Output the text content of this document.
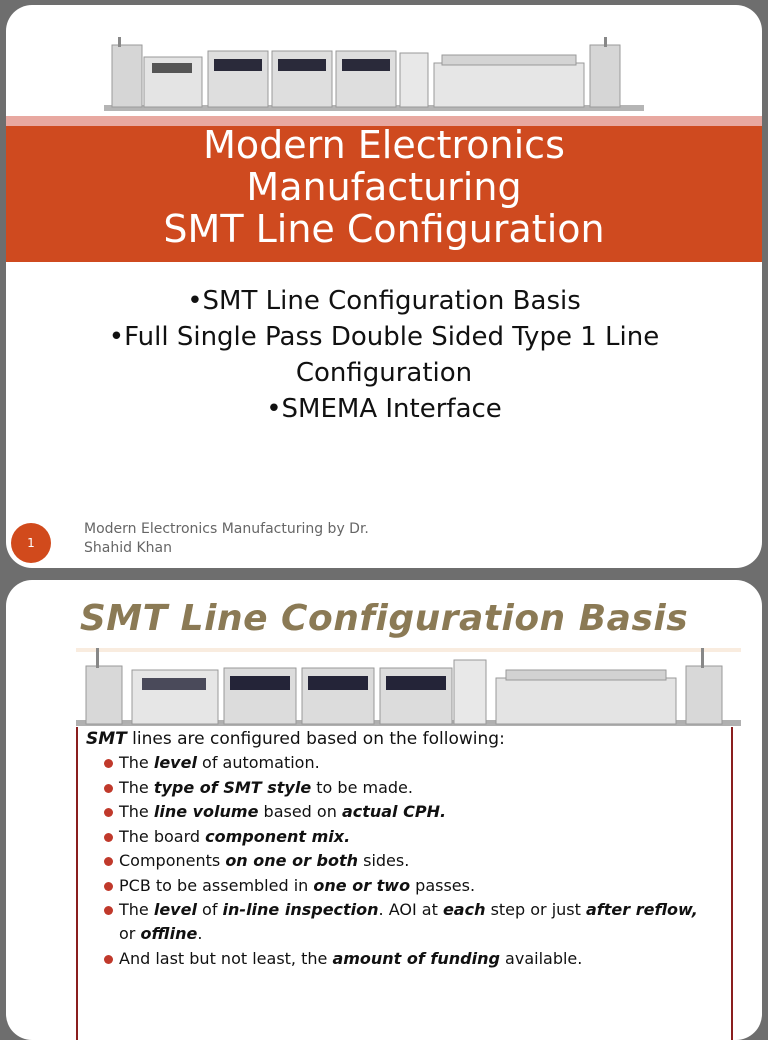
Modern Electronics
Manufacturing
SMT Line Configuration
•SMT Line Configuration Basis
•Full Single Pass Double Sided Type 1 Line
Configuration
•SMEMA Interface
1
Modern Electronics Manufacturing by Dr. Shahid Khan
SMT Line Configuration Basis
SMT lines are configured based on the following:
The level of automation.
The type of SMT style to be made.
The line volume based on actual CPH.
The board component mix.
Components on one or both sides.
PCB to be assembled in one or two passes.
The level of in-line inspection. AOI at each step or just after reflow, or offline.
And last but not least, the amount of funding available.
